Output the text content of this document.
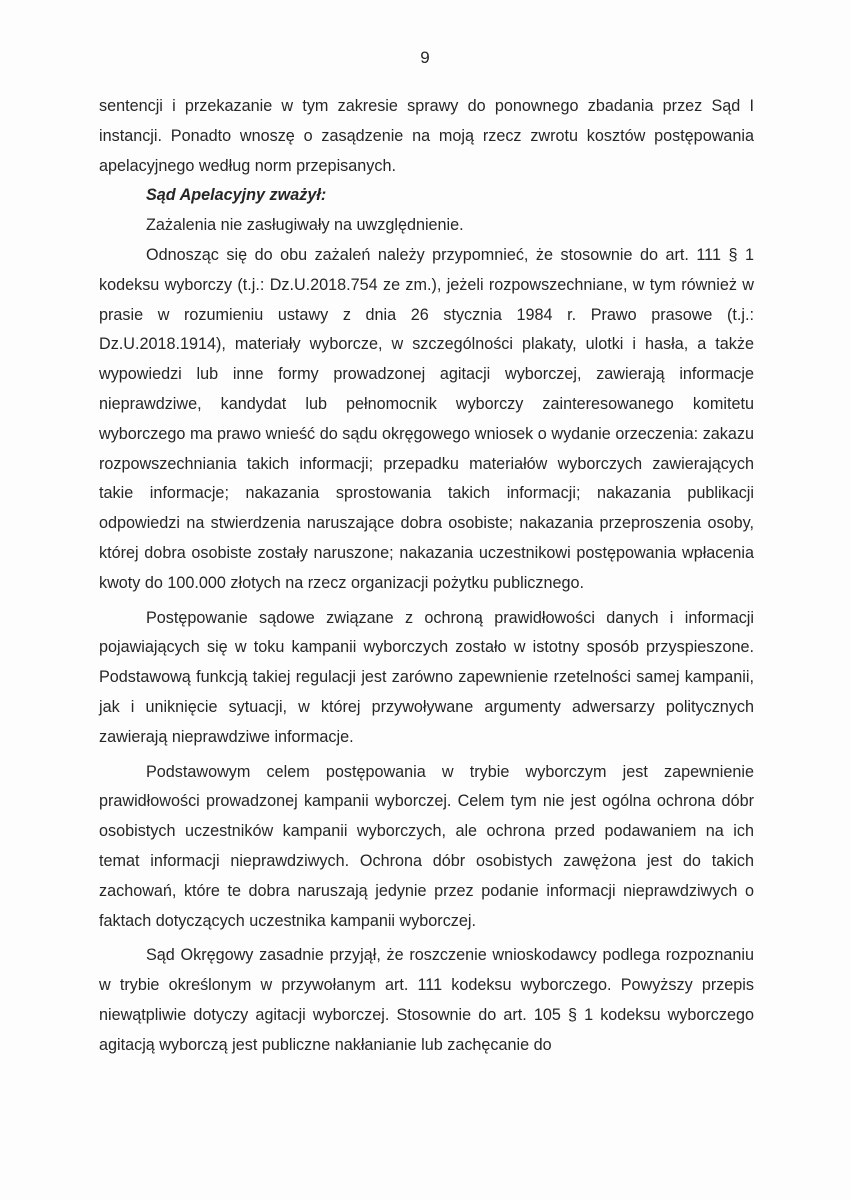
9

sentencji i przekazanie w tym zakresie sprawy do ponownego zbadania przez Sąd I instancji. Ponadto wnoszę o zasądzenie na moją rzecz zwrotu kosztów postępowania apelacyjnego według norm przepisanych.

Sąd Apelacyjny zważył:

Zażalenia nie zasługiwały na uwzględnienie.

Odnosząc się do obu zażaleń należy przypomnieć, że stosownie do art. 111 § 1 kodeksu wyborczy (t.j.: Dz.U.2018.754 ze zm.), jeżeli rozpowszechniane, w tym również w prasie w rozumieniu ustawy z dnia 26 stycznia 1984 r. Prawo prasowe (t.j.: Dz.U.2018.1914), materiały wyborcze, w szczególności plakaty, ulotki i hasła, a także wypowiedzi lub inne formy prowadzonej agitacji wyborczej, zawierają informacje nieprawdziwe, kandydat lub pełnomocnik wyborczy zainteresowanego komitetu wyborczego ma prawo wnieść do sądu okręgowego wniosek o wydanie orzeczenia: zakazu rozpowszechniania takich informacji; przepadku materiałów wyborczych zawierających takie informacje; nakazania sprostowania takich informacji; nakazania publikacji odpowiedzi na stwierdzenia naruszające dobra osobiste; nakazania przeproszenia osoby, której dobra osobiste zostały naruszone; nakazania uczestnikowi postępowania wpłacenia kwoty do 100.000 złotych na rzecz organizacji pożytku publicznego.

Postępowanie sądowe związane z ochroną prawidłowości danych i informacji pojawiających się w toku kampanii wyborczych zostało w istotny sposób przyspieszone. Podstawową funkcją takiej regulacji jest zarówno zapewnienie rzetelności samej kampanii, jak i uniknięcie sytuacji, w której przywoływane argumenty adwersarzy politycznych zawierają nieprawdziwe informacje.

Podstawowym celem postępowania w trybie wyborczym jest zapewnienie prawidłowości prowadzonej kampanii wyborczej. Celem tym nie jest ogólna ochrona dóbr osobistych uczestników kampanii wyborczych, ale ochrona przed podawaniem na ich temat informacji nieprawdziwych. Ochrona dóbr osobistych zawężona jest do takich zachowań, które te dobra naruszają jedynie przez podanie informacji nieprawdziwych o faktach dotyczących uczestnika kampanii wyborczej.

Sąd Okręgowy zasadnie przyjął, że roszczenie wnioskodawcy podlega rozpoznaniu w trybie określonym w przywołanym art. 111 kodeksu wyborczego. Powyższy przepis niewątpliwie dotyczy agitacji wyborczej. Stosownie do art. 105 § 1 kodeksu wyborczego agitacją wyborczą jest publiczne nakłanianie lub zachęcanie do
